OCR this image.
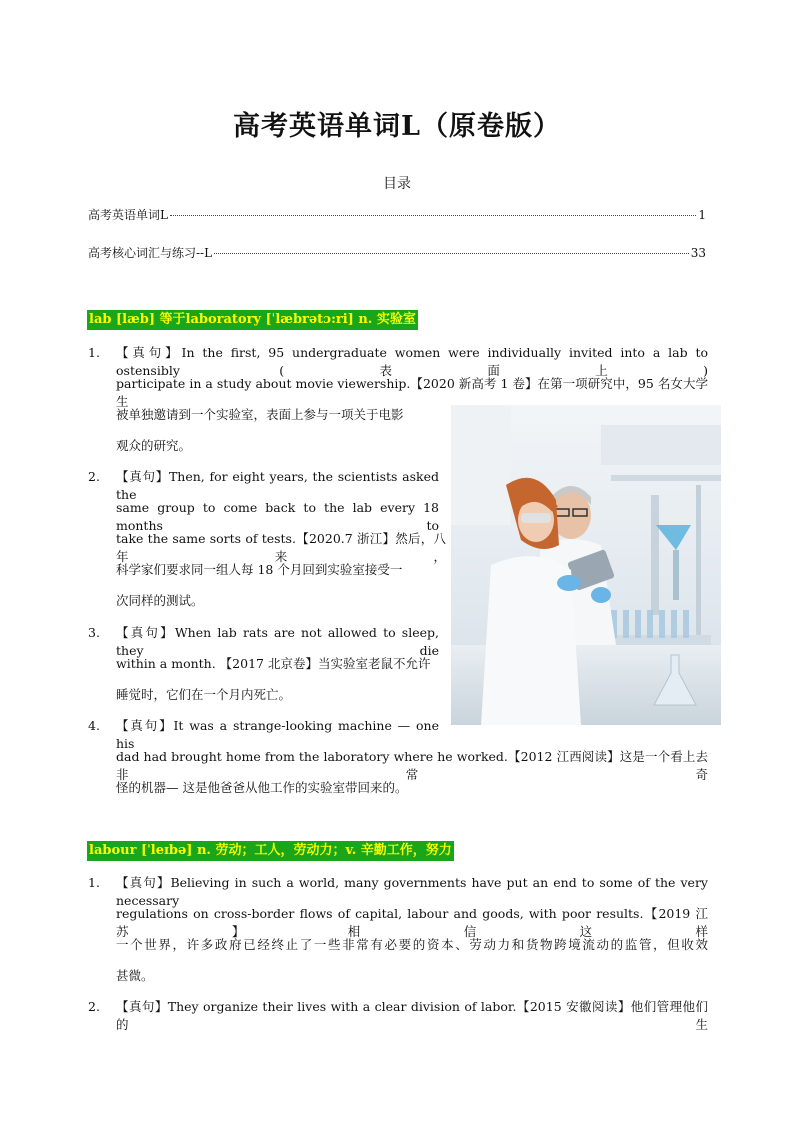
高考英语单词L（原卷版）
目录
高考英语单词L	1
高考核心词汇与练习--L	33
lab [læb] 等于laboratory [ˈlæbrətɔ:ri] n. 实验室
1. 【真句】In the first, 95 undergraduate women were individually invited into a lab to ostensibly (表面上)
participate in a study about movie viewership.【2020 新高考 1 卷】在第一项研究中，95 名女大学生
被单独邀请到一个实验室，表面上参与一项关于电影
观众的研究。
2. 【真句】Then, for eight years, the scientists asked the
same group to come back to the lab every 18 months to
take the same sorts of tests.【2020.7 浙江】然后，八年来，
科学家们要求同一组人每 18 个月回到实验室接受一
次同样的测试。
3. 【真句】When lab rats are not allowed to sleep, they die
within a month. 【2017 北京卷】当实验室老鼠不允许
睡觉时，它们在一个月内死亡。
4. 【真句】It was a strange-looking machine — one his
dad had brought home from the laboratory where he worked.【2012 江西阅读】这是一个看上去非常奇
怪的机器— 这是他爸爸从他工作的实验室带回来的。
labour [ˈleɪbə] n. 劳动；工人，劳动力；v. 辛勤工作，努力
1. 【真句】Believing in such a world, many governments have put an end to some of the very necessary
regulations on cross-border flows of capital, labour and goods, with poor results.【2019 江苏】相信这样
一个世界，许多政府已经终止了一些非常有必要的资本、劳动力和货物跨境流动的监管，但收效
甚微。
2. 【真句】They organize their lives with a clear division of labor.【2015 安徽阅读】他们管理他们的生
